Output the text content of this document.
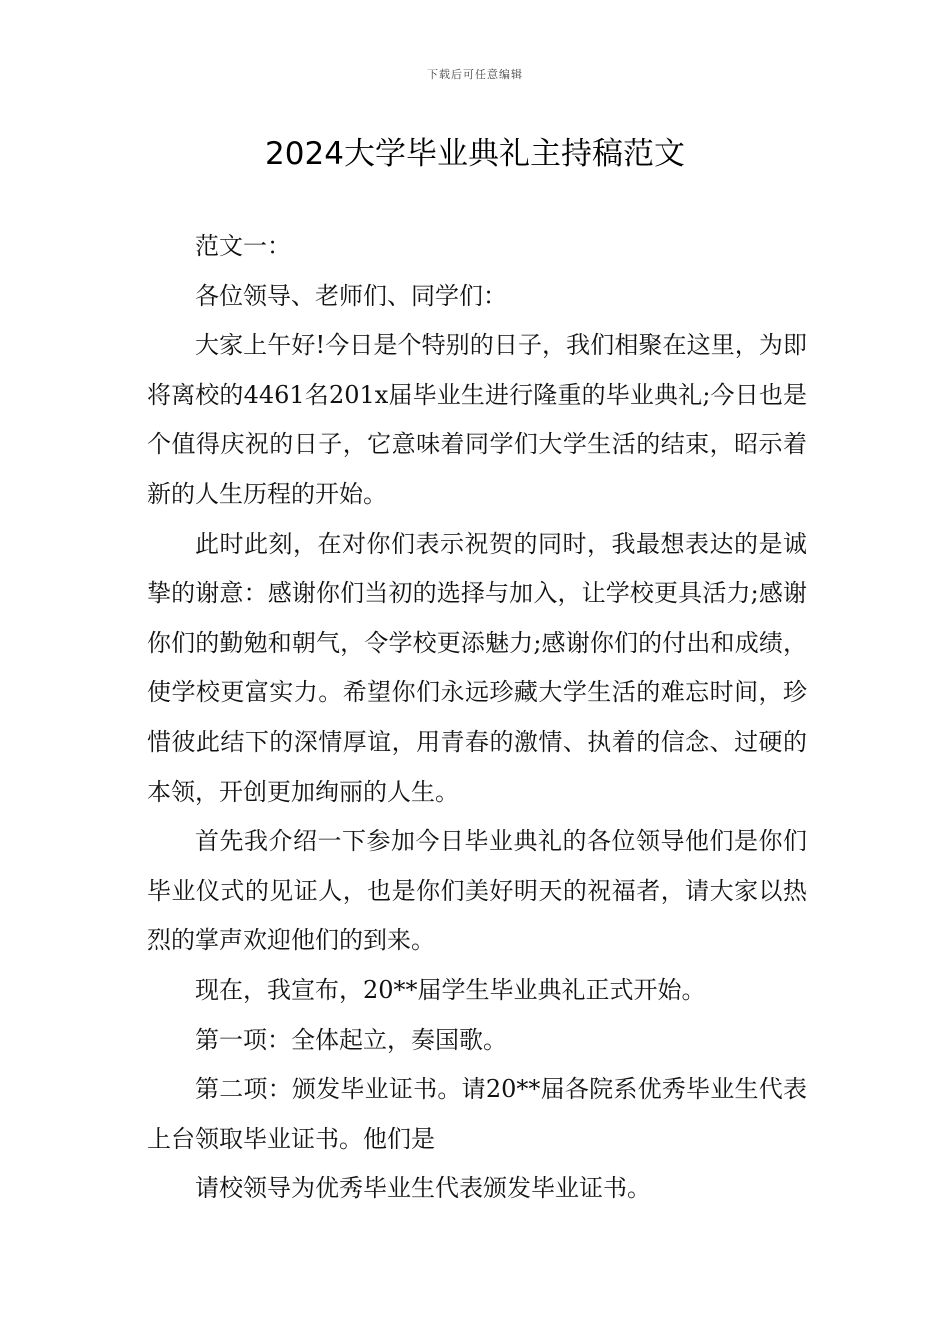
下载后可任意编辑
2024大学毕业典礼主持稿范文

范文一：

各位领导、老师们、同学们：

大家上午好!今日是个特别的日子，我们相聚在这里，为即将离校的4461名201x届毕业生进行隆重的毕业典礼;今日也是个值得庆祝的日子，它意味着同学们大学生活的结束，昭示着新的人生历程的开始。

此时此刻，在对你们表示祝贺的同时，我最想表达的是诚挚的谢意：感谢你们当初的选择与加入，让学校更具活力;感谢你们的勤勉和朝气，令学校更添魅力;感谢你们的付出和成绩，使学校更富实力。希望你们永远珍藏大学生活的难忘时间，珍惜彼此结下的深情厚谊，用青春的激情、执着的信念、过硬的本领，开创更加绚丽的人生。

首先我介绍一下参加今日毕业典礼的各位领导他们是你们毕业仪式的见证人，也是你们美好明天的祝福者，请大家以热烈的掌声欢迎他们的到来。

现在，我宣布，20**届学生毕业典礼正式开始。

第一项：全体起立，奏国歌。

第二项：颁发毕业证书。请20**届各院系优秀毕业生代表上台领取毕业证书。他们是

请校领导为优秀毕业生代表颁发毕业证书。
